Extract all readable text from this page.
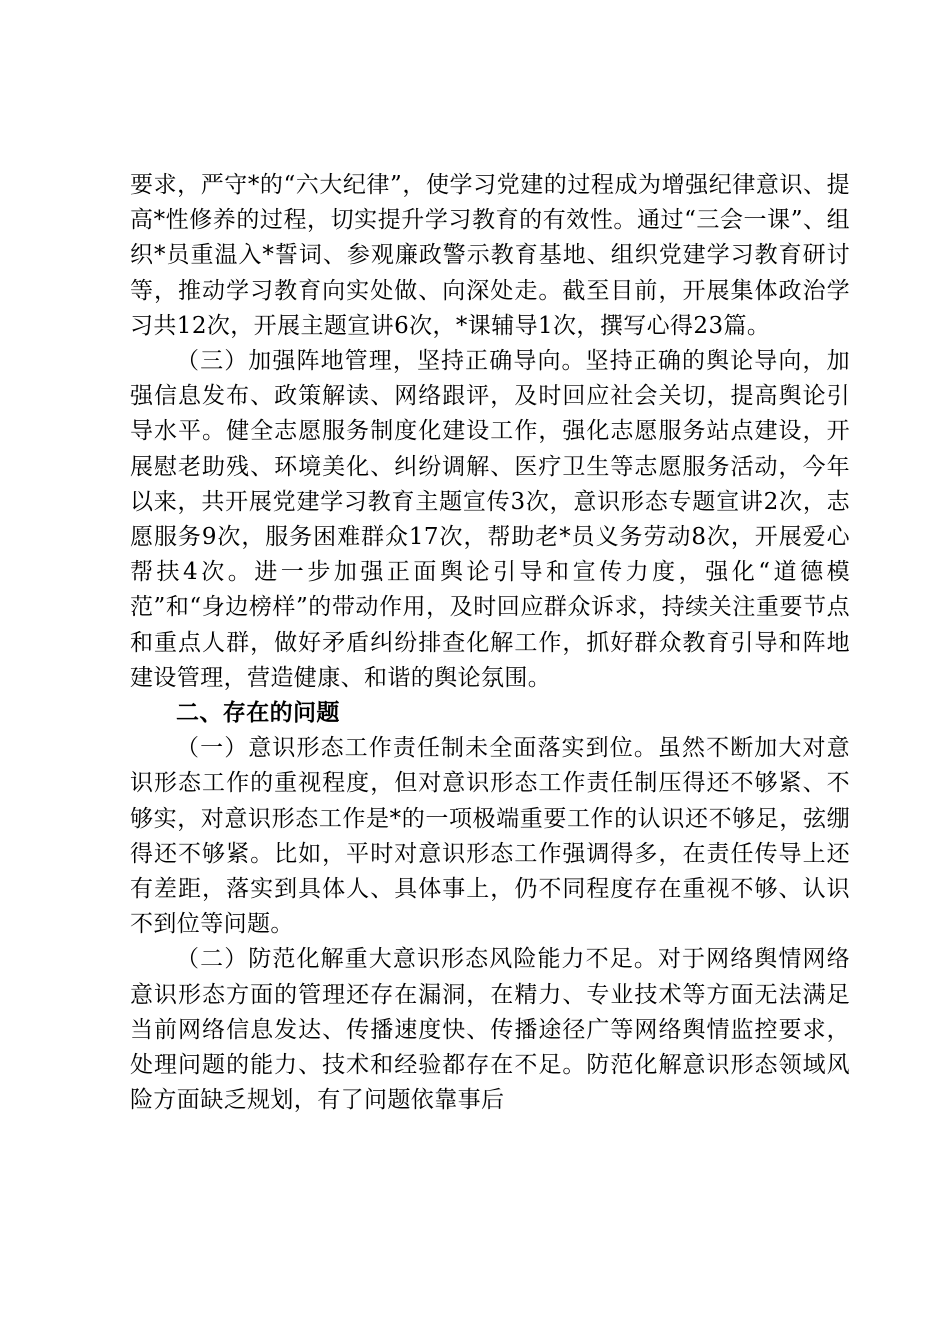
要求，严守*的“六大纪律”，使学习党建的过程成为增强纪律意识、提高*性修养的过程，切实提升学习教育的有效性。通过“三会一课”、组织*员重温入*誓词、参观廉政警示教育基地、组织党建学习教育研讨等，推动学习教育向实处做、向深处走。截至目前，开展集体政治学习共12次，开展主题宣讲6次，*课辅导1次，撰写心得23篇。

（三）加强阵地管理，坚持正确导向。坚持正确的舆论导向，加强信息发布、政策解读、网络跟评，及时回应社会关切，提高舆论引导水平。健全志愿服务制度化建设工作，强化志愿服务站点建设，开展慰老助残、环境美化、纠纷调解、医疗卫生等志愿服务活动，今年以来，共开展党建学习教育主题宣传3次，意识形态专题宣讲2次，志愿服务9次，服务困难群众17次，帮助老*员义务劳动8次，开展爱心帮扶4次。进一步加强正面舆论引导和宣传力度，强化“道德模范”和“身边榜样”的带动作用，及时回应群众诉求，持续关注重要节点和重点人群，做好矛盾纠纷排查化解工作，抓好群众教育引导和阵地建设管理，营造健康、和谐的舆论氛围。

二、存在的问题

（一）意识形态工作责任制未全面落实到位。虽然不断加大对意识形态工作的重视程度，但对意识形态工作责任制压得还不够紧、不够实，对意识形态工作是*的一项极端重要工作的认识还不够足，弦绷得还不够紧。比如，平时对意识形态工作强调得多，在责任传导上还有差距，落实到具体人、具体事上，仍不同程度存在重视不够、认识不到位等问题。

（二）防范化解重大意识形态风险能力不足。对于网络舆情网络意识形态方面的管理还存在漏洞，在精力、专业技术等方面无法满足当前网络信息发达、传播速度快、传播途径广等网络舆情监控要求，处理问题的能力、技术和经验都存在不足。防范化解意识形态领域风险方面缺乏规划，有了问题依靠事后
